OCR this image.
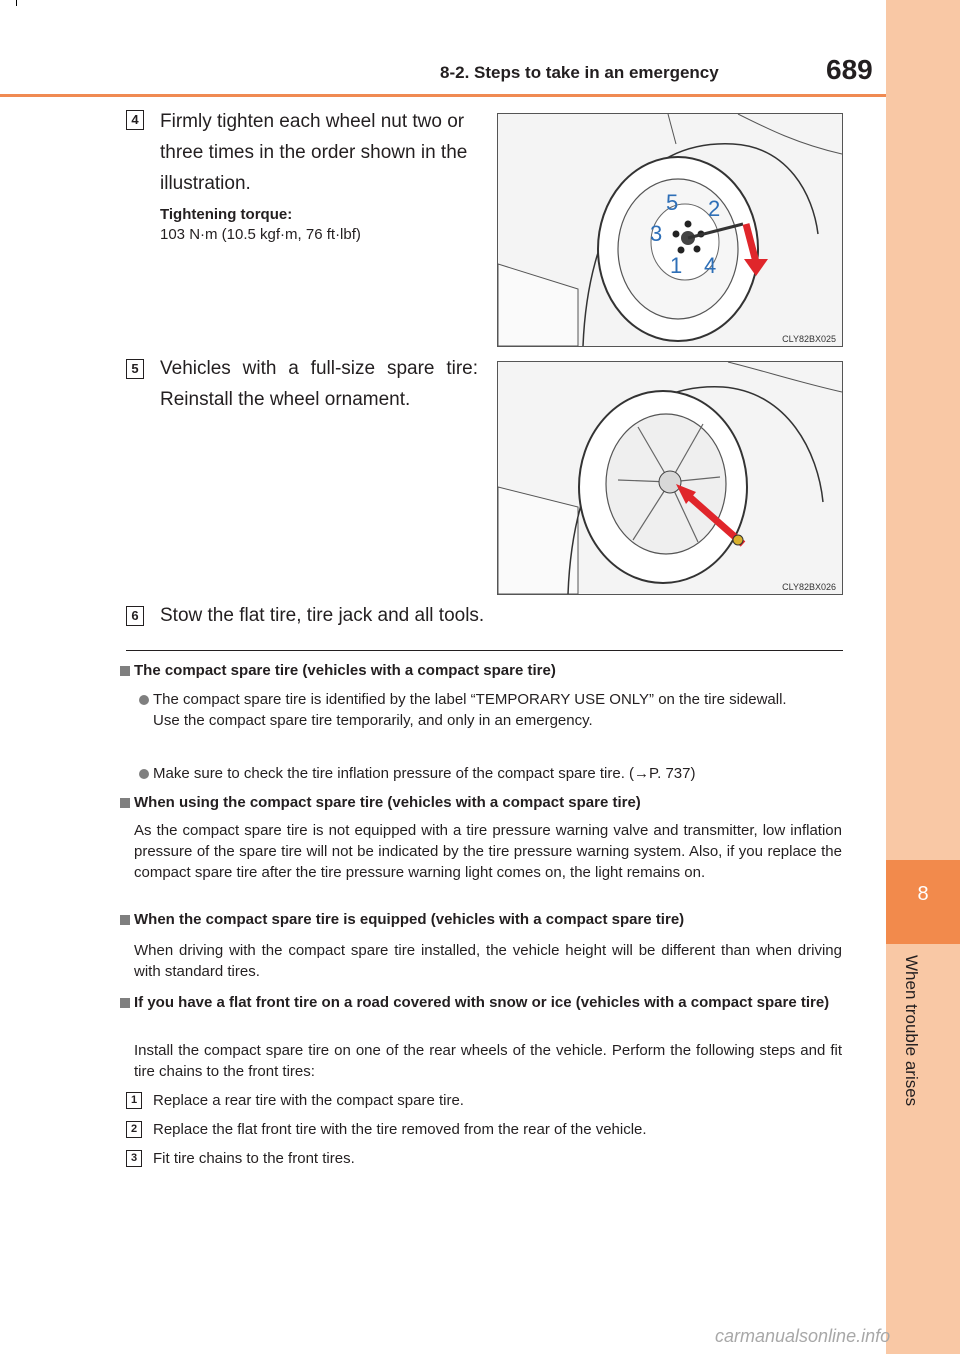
8-2. Steps to take in an emergency	689
8
When trouble arises
4 Firmly tighten each wheel nut two or three times in the order shown in the illustration.
Tightening torque:
103 N·m (10.5 kgf·m, 76 ft·lbf)
5 2
3
1 4
CLY82BX025
5 Vehicles with a full-size spare tire: Reinstall the wheel ornament.
CLY82BX026
6 Stow the flat tire, tire jack and all tools.
The compact spare tire (vehicles with a compact spare tire)
The compact spare tire is identified by the label “TEMPORARY USE ONLY” on the tire sidewall.
Use the compact spare tire temporarily, and only in an emergency.
Make sure to check the tire inflation pressure of the compact spare tire. (→P. 737)
When using the compact spare tire (vehicles with a compact spare tire)
As the compact spare tire is not equipped with a tire pressure warning valve and transmitter, low inflation pressure of the spare tire will not be indicated by the tire pressure warning system. Also, if you replace the compact spare tire after the tire pressure warning light comes on, the light remains on.
When the compact spare tire is equipped (vehicles with a compact spare tire)
When driving with the compact spare tire installed, the vehicle height will be different than when driving with standard tires.
If you have a flat front tire on a road covered with snow or ice (vehicles with a compact spare tire)
Install the compact spare tire on one of the rear wheels of the vehicle. Perform the following steps and fit tire chains to the front tires:
1	Replace a rear tire with the compact spare tire.
2	Replace the flat front tire with the tire removed from the rear of the vehicle.
3	Fit tire chains to the front tires.
carmanualsonline.info
